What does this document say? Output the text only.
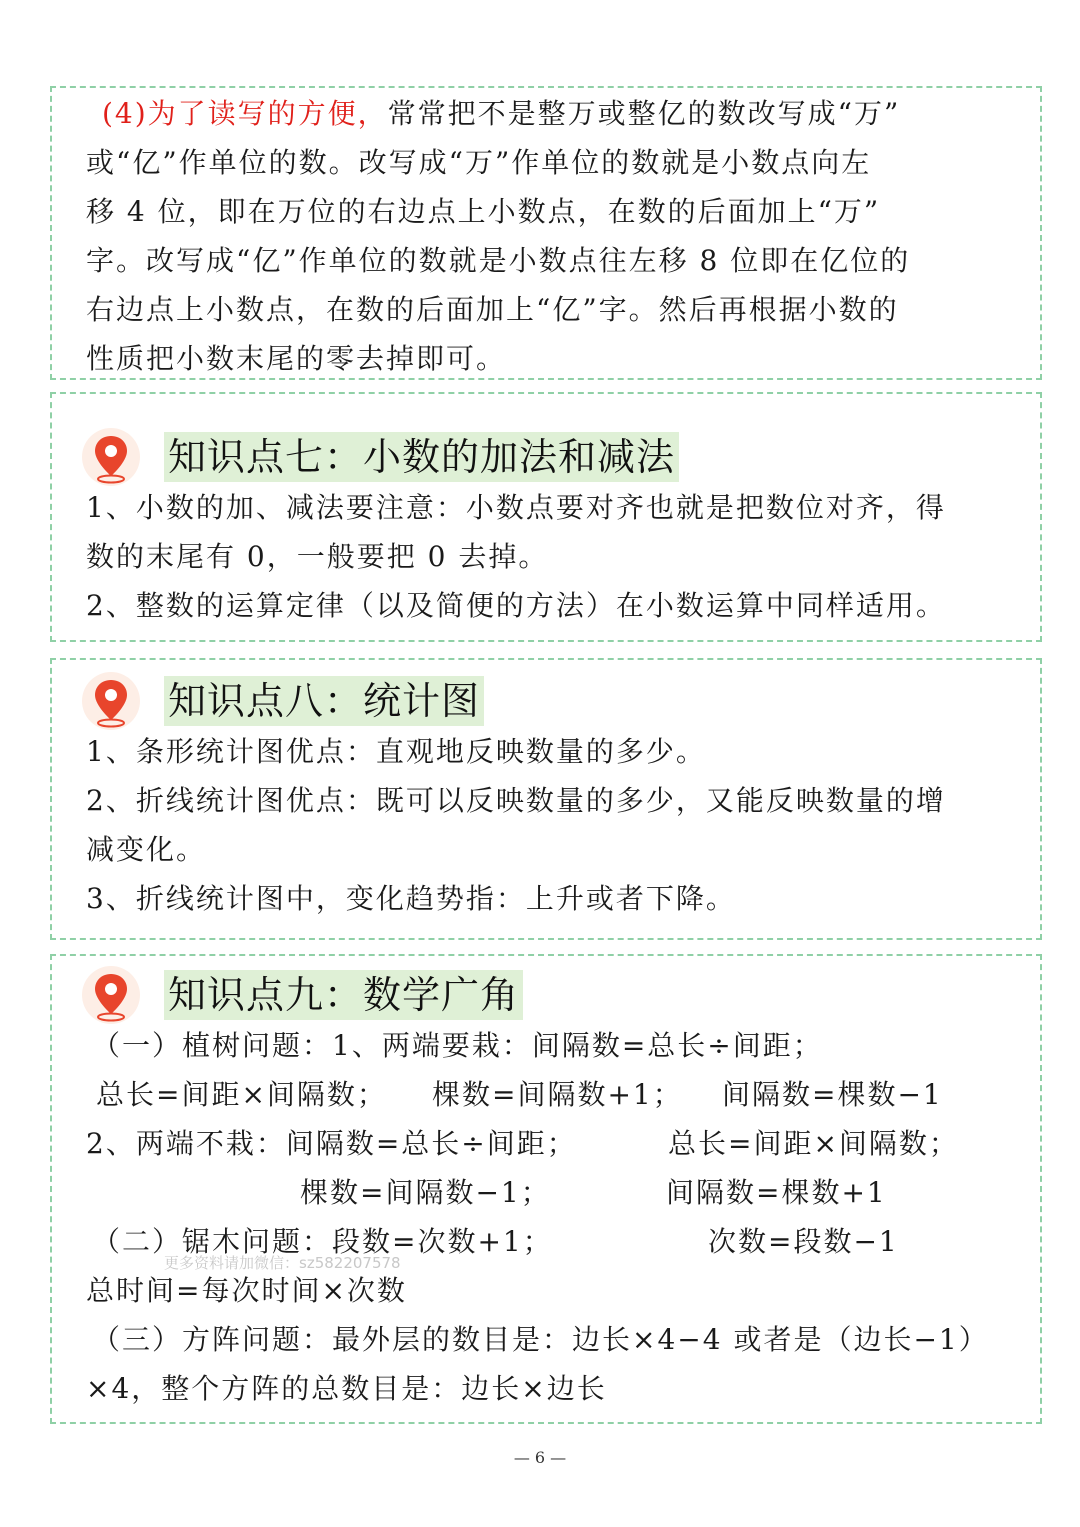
(4)为了读写的方便，常常把不是整万或整亿的数改写成“万”
或“亿”作单位的数。改写成“万”作单位的数就是小数点向左
移 4 位，即在万位的右边点上小数点，在数的后面加上“万”
字。改写成“亿”作单位的数就是小数点往左移 8 位即在亿位的
右边点上小数点，在数的后面加上“亿”字。然后再根据小数的
性质把小数末尾的零去掉即可。
知识点七：小数的加法和减法
1、小数的加、减法要注意：小数点要对齐也就是把数位对齐，得
数的末尾有 0，一般要把 0 去掉。
2、整数的运算定律（以及简便的方法）在小数运算中同样适用。
知识点八：统计图
1、条形统计图优点：直观地反映数量的多少。
2、折线统计图优点：既可以反映数量的多少，又能反映数量的增
减变化。
3、折线统计图中，变化趋势指：上升或者下降。
知识点九：数学广角
（一）植树问题：1、两端要栽：间隔数=总长÷间距；
总长=间距×间隔数； 棵数=间隔数+1； 间隔数=棵数−1
2、两端不栽：间隔数=总长÷间距；	总长=间距×间隔数；
棵数=间隔数−1；	间隔数=棵数+1
（二）锯木问题：段数=次数+1；	次数=段数−1
更多资料请加微信：sz582207578
总时间=每次时间×次数
（三）方阵问题：最外层的数目是：边长×4−4 或者是（边长−1）
×4，整个方阵的总数目是：边长×边长
— 6 —
